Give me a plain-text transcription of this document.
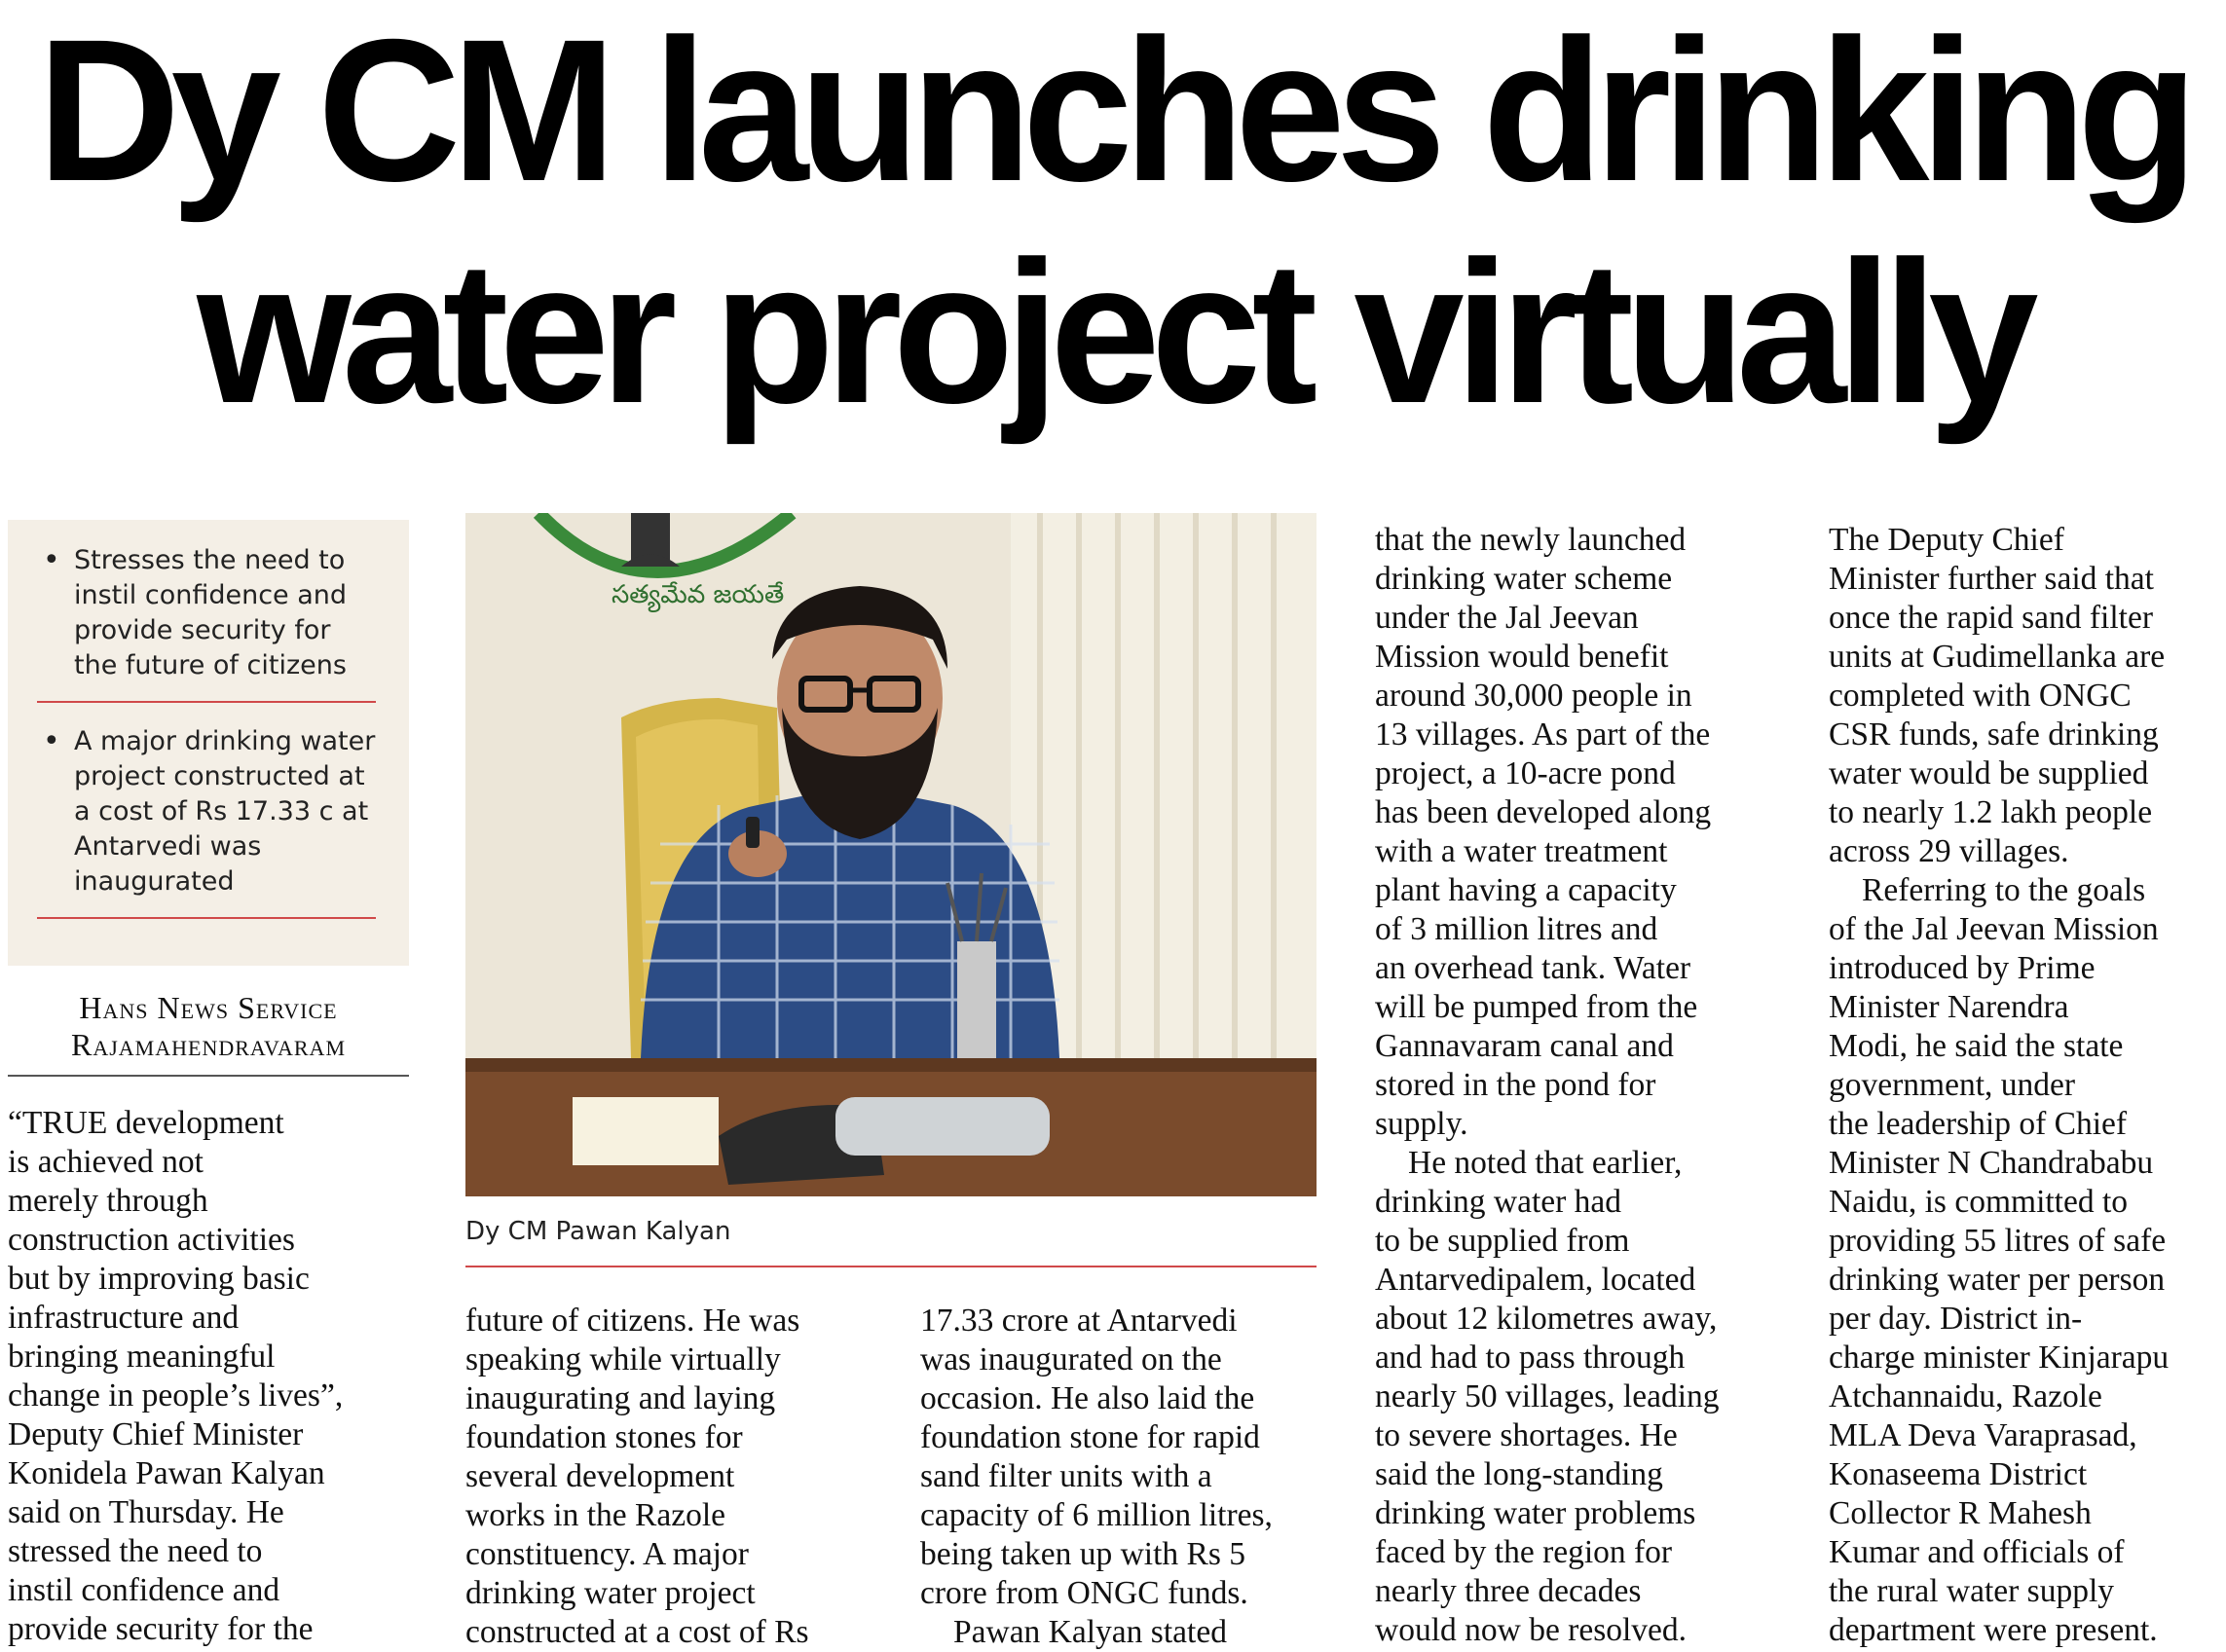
Dy CM launches drinking
water project virtually
• Stresses the need to instil confidence and provide security for the future of citizens
• A major drinking water project constructed at a cost of Rs 17.33 c at Antarvedi was inaugurated
Hans News Service
Rajamahendravaram
“TRUE development
is achieved not
merely through
construction activities
but by improving basic
infrastructure and
bringing meaningful
change in people’s lives”,
Deputy Chief Minister
Konidela Pawan Kalyan
said on Thursday. He
stressed the need to
instil confidence and
provide security for the
సత్యమేవ జయతే
Dy CM Pawan Kalyan
future of citizens. He was
speaking while virtually
inaugurating and laying
foundation stones for
several development
works in the Razole
constituency. A major
drinking water project
constructed at a cost of Rs
17.33 crore at Antarvedi
was inaugurated on the
occasion. He also laid the
foundation stone for rapid
sand filter units with a
capacity of 6 million litres,
being taken up with Rs 5
crore from ONGC funds.
Pawan Kalyan stated
that the newly launched
drinking water scheme
under the Jal Jeevan
Mission would benefit
around 30,000 people in
13 villages. As part of the
project, a 10-acre pond
has been developed along
with a water treatment
plant having a capacity
of 3 million litres and
an overhead tank. Water
will be pumped from the
Gannavaram canal and
stored in the pond for
supply.
He noted that earlier,
drinking water had
to be supplied from
Antarvedipalem, located
about 12 kilometres away,
and had to pass through
nearly 50 villages, leading
to severe shortages. He
said the long-standing
drinking water problems
faced by the region for
nearly three decades
would now be resolved.
The Deputy Chief
Minister further said that
once the rapid sand filter
units at Gudimellanka are
completed with ONGC
CSR funds, safe drinking
water would be supplied
to nearly 1.2 lakh people
across 29 villages.
Referring to the goals
of the Jal Jeevan Mission
introduced by Prime
Minister Narendra
Modi, he said the state
government, under
the leadership of Chief
Minister N Chandrababu
Naidu, is committed to
providing 55 litres of safe
drinking water per person
per day. District in-
charge minister Kinjarapu
Atchannaidu, Razole
MLA Deva Varaprasad,
Konaseema District
Collector R Mahesh
Kumar and officials of
the rural water supply
department were present.
